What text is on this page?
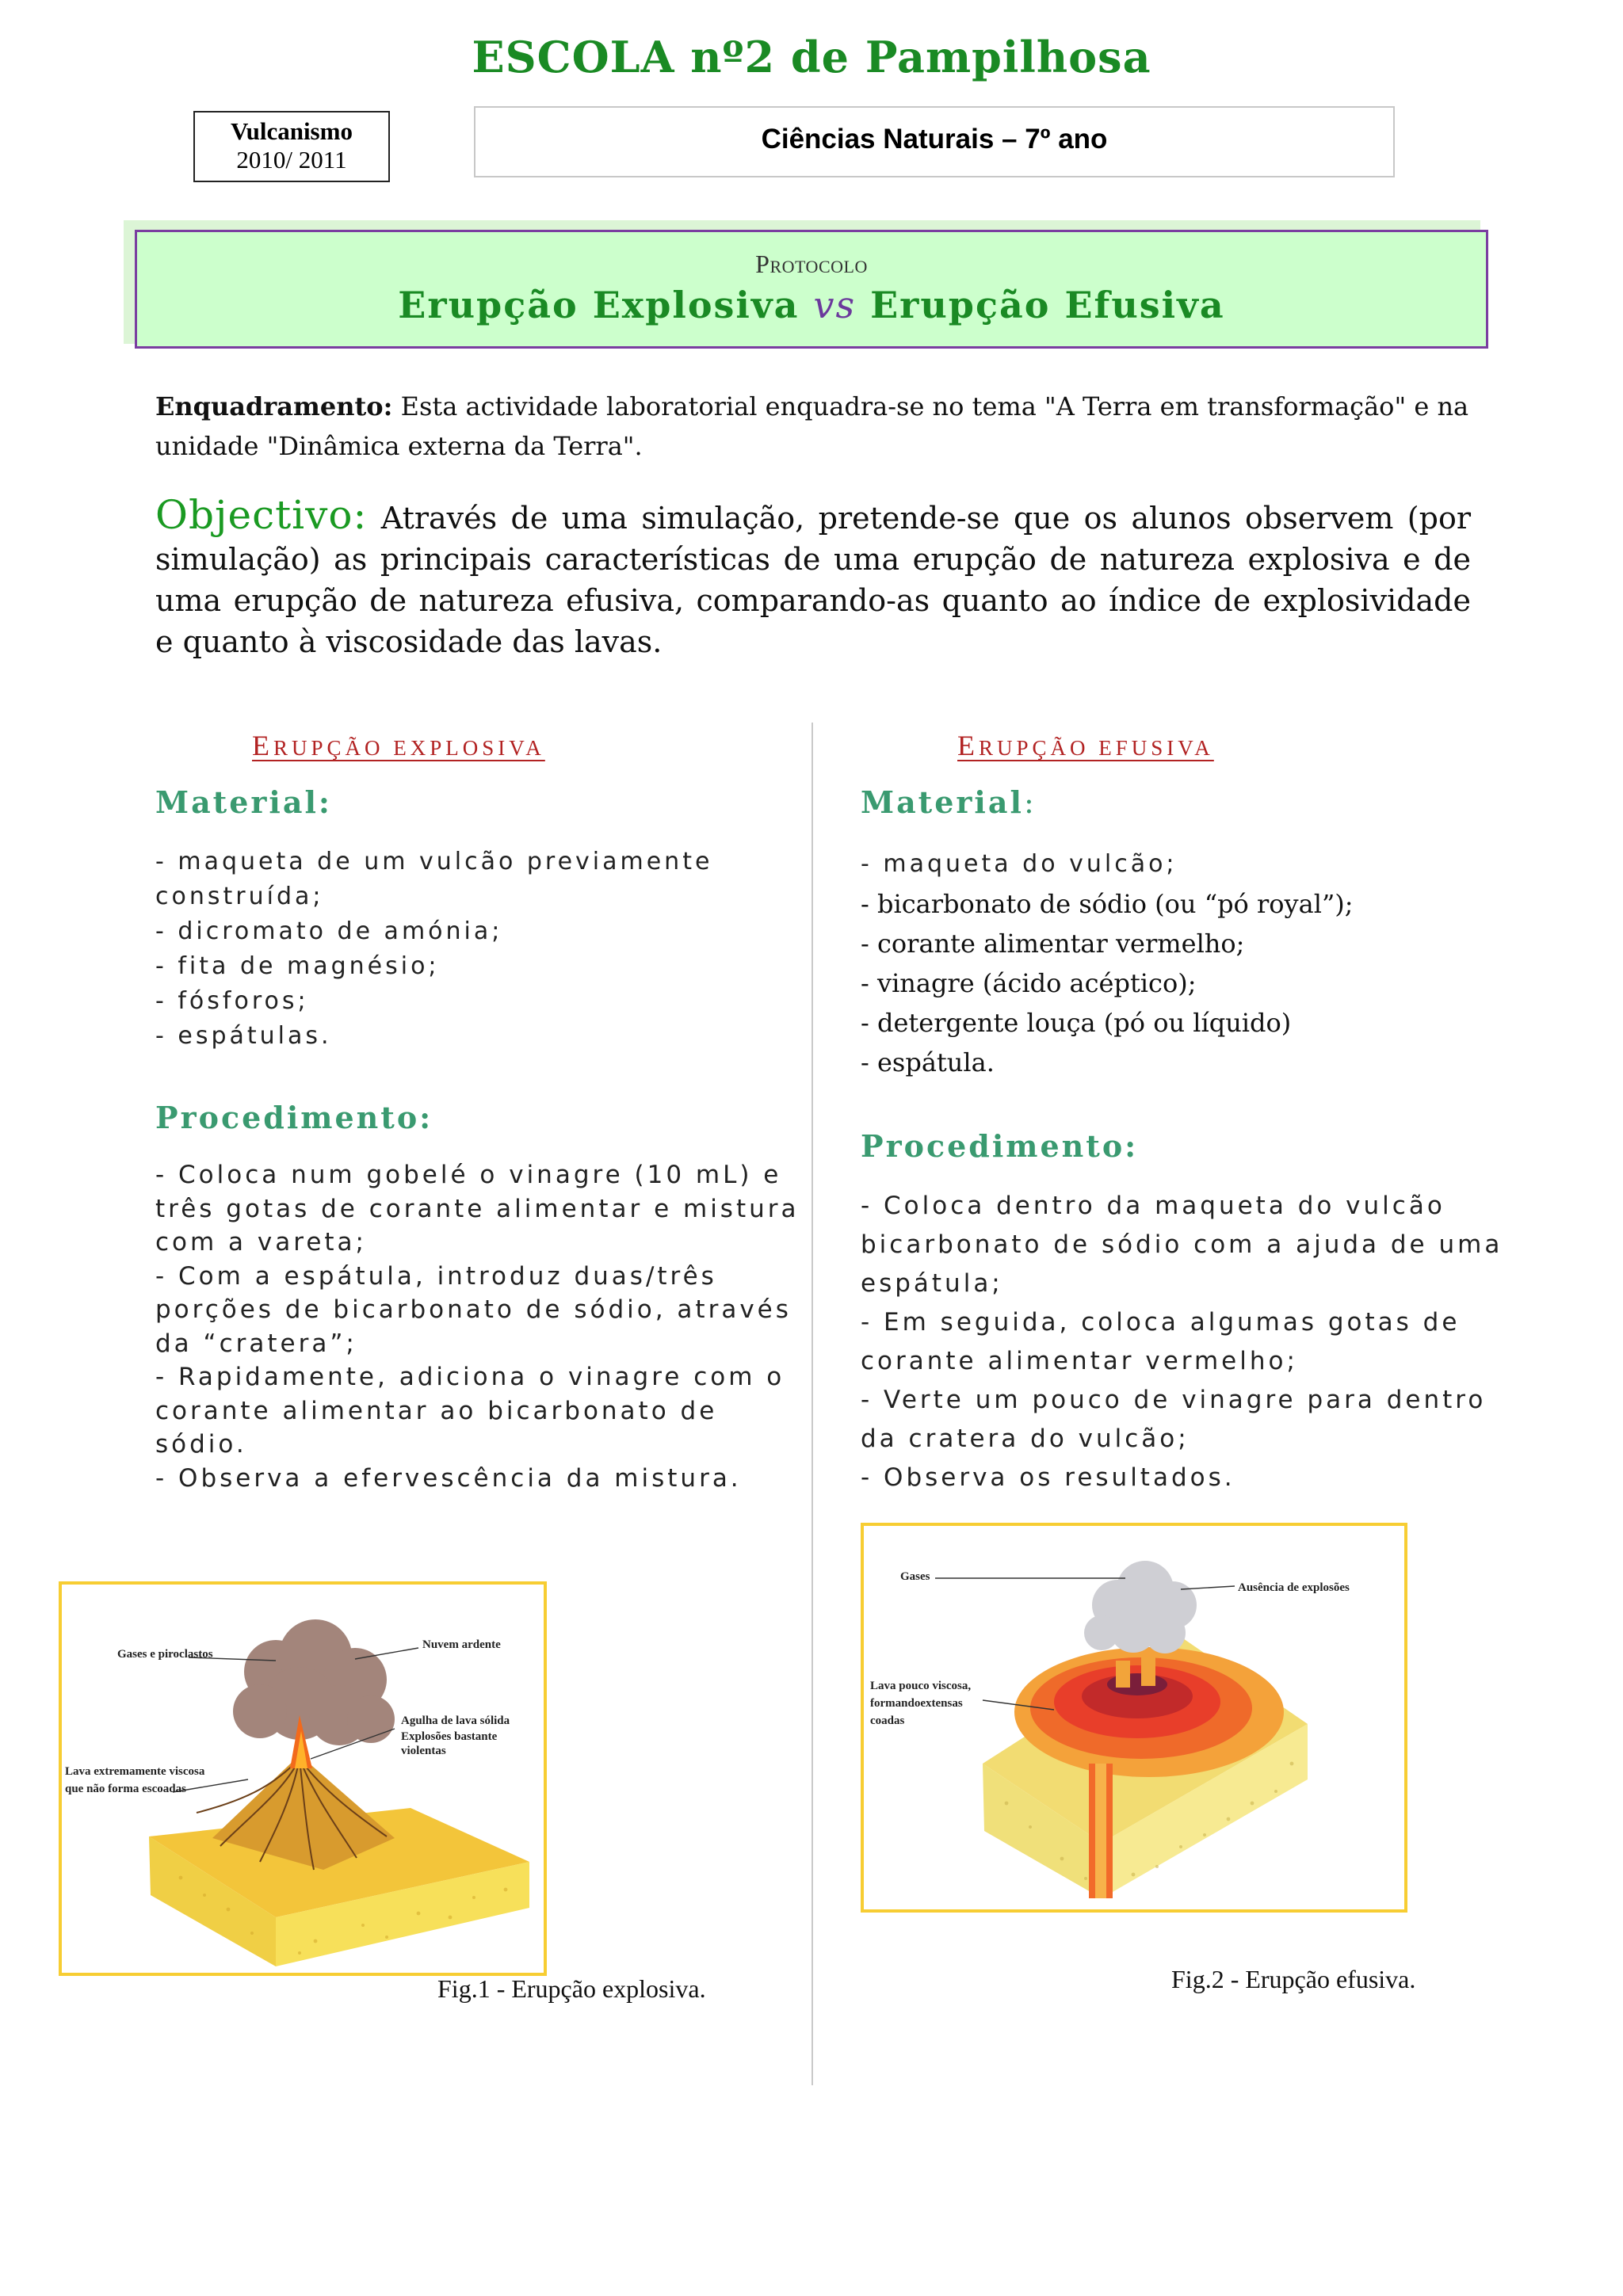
ESCOLA nº2 de Pampilhosa
Vulcanismo
2010/ 2011
Ciências Naturais – 7º ano
Protocolo
Erupção Explosiva vs Erupção Efusiva
Enquadramento: Esta actividade laboratorial enquadra-se no tema "A Terra em transformação" e na unidade "Dinâmica externa da Terra".
Objectivo: Através de uma simulação, pretende-se que os alunos observem (por simulação) as principais características de uma erupção de natureza explosiva e de uma erupção de natureza efusiva, comparando-as quanto ao índice de explosividade e quanto à viscosidade das lavas.
ERUPÇÃO EXPLOSIVA
Material:
- maqueta de um vulcão previamente
construída;
- dicromato de amónia;
- fita de magnésio;
- fósforos;
- espátulas.
Procedimento:
- Coloca num gobelé o vinagre (10 mL) e
três gotas de corante alimentar e mistura
com a vareta;
- Com a espátula, introduz duas/três
porções de bicarbonato de sódio, através
da “cratera”;
- Rapidamente, adiciona o vinagre com o
corante alimentar ao bicarbonato de
sódio.
- Observa a efervescência da mistura.
Gases e piroclastos
Nuvem ardente
Agulha de lava sólida
Explosões bastante
violentas
Lava extremamente viscosa
que não forma escoadas
Fig.1 - Erupção explosiva.
ERUPÇÃO EFUSIVA
Material:
- maqueta do vulcão;
- bicarbonato de sódio (ou “pó royal”);
- corante alimentar vermelho;
- vinagre (ácido acéptico);
- detergente louça (pó ou líquido)
- espátula.
Procedimento:
- Coloca dentro da maqueta do vulcão
bicarbonato de sódio com a ajuda de uma
espátula;
- Em seguida, coloca algumas gotas de
corante alimentar vermelho;
- Verte um pouco de vinagre para dentro
da cratera do vulcão;
- Observa os resultados.
Gases
Ausência de explosões
Lava pouco viscosa,
formandoextensas
coadas
Fig.2 - Erupção efusiva.
